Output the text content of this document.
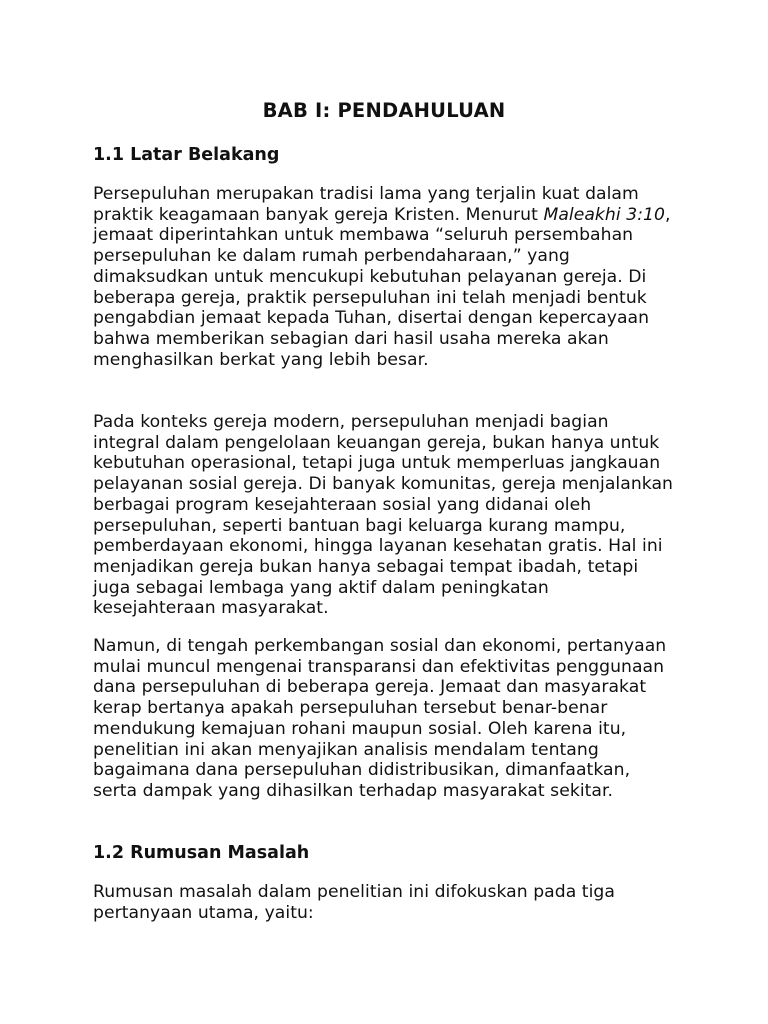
BAB I: PENDAHULUAN
1.1 Latar Belakang

Persepuluhan merupakan tradisi lama yang terjalin kuat dalam praktik keagamaan banyak gereja Kristen. Menurut Maleakhi 3:10, jemaat diperintahkan untuk membawa “seluruh persembahan persepuluhan ke dalam rumah perbendaharaan,” yang dimaksudkan untuk mencukupi kebutuhan pelayanan gereja. Di beberapa gereja, praktik persepuluhan ini telah menjadi bentuk pengabdian jemaat kepada Tuhan, disertai dengan kepercayaan bahwa memberikan sebagian dari hasil usaha mereka akan menghasilkan berkat yang lebih besar.

Pada konteks gereja modern, persepuluhan menjadi bagian integral dalam pengelolaan keuangan gereja, bukan hanya untuk kebutuhan operasional, tetapi juga untuk memperluas jangkauan pelayanan sosial gereja. Di banyak komunitas, gereja menjalankan berbagai program kesejahteraan sosial yang didanai oleh persepuluhan, seperti bantuan bagi keluarga kurang mampu, pemberdayaan ekonomi, hingga layanan kesehatan gratis. Hal ini menjadikan gereja bukan hanya sebagai tempat ibadah, tetapi juga sebagai lembaga yang aktif dalam peningkatan kesejahteraan masyarakat.

Namun, di tengah perkembangan sosial dan ekonomi, pertanyaan mulai muncul mengenai transparansi dan efektivitas penggunaan dana persepuluhan di beberapa gereja. Jemaat dan masyarakat kerap bertanya apakah persepuluhan tersebut benar-benar mendukung kemajuan rohani maupun sosial. Oleh karena itu, penelitian ini akan menyajikan analisis mendalam tentang bagaimana dana persepuluhan didistribusikan, dimanfaatkan, serta dampak yang dihasilkan terhadap masyarakat sekitar.

1.2 Rumusan Masalah

Rumusan masalah dalam penelitian ini difokuskan pada tiga pertanyaan utama, yaitu:
